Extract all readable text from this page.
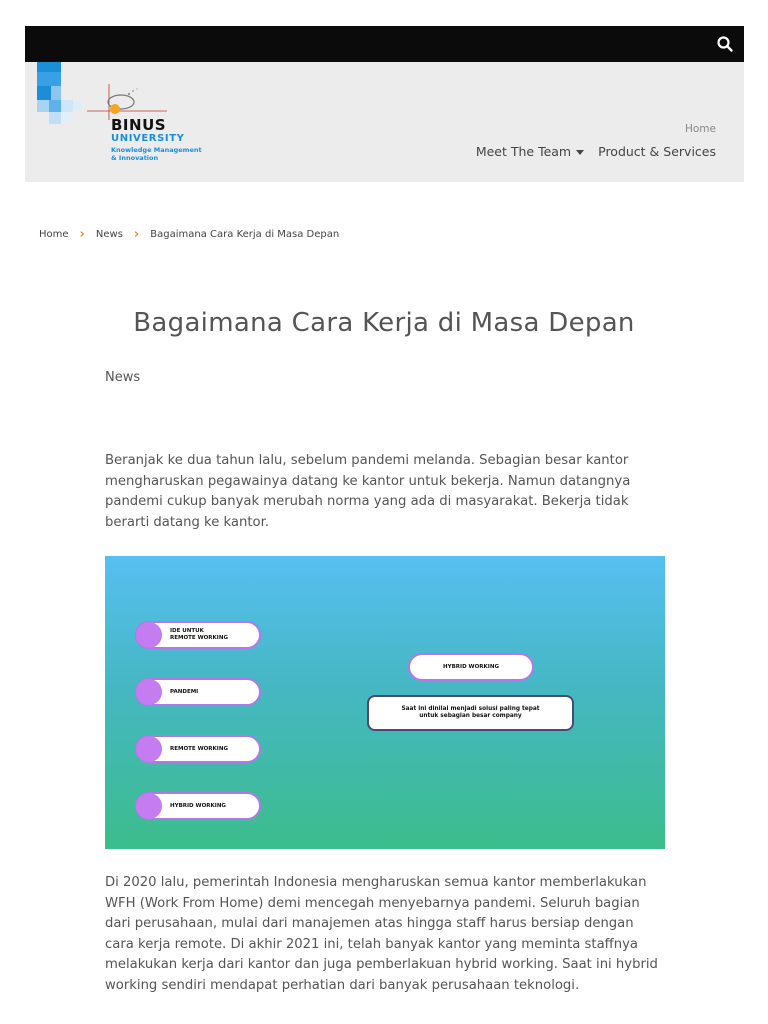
BINUS
UNIVERSITY
Knowledge Management
& Innovation
Home
Meet The Team	Product & Services
Home › News › Bagaimana Cara Kerja di Masa Depan
Bagaimana Cara Kerja di Masa Depan
News

Beranjak ke dua tahun lalu, sebelum pandemi melanda. Sebagian besar kantor mengharuskan pegawainya datang ke kantor untuk bekerja. Namun datangnya pandemi cukup banyak merubah norma yang ada di masyarakat. Bekerja tidak berarti datang ke kantor.

IDE UNTUK
REMOTE WORKING
PANDEMI
REMOTE WORKING
HYBRID WORKING
HYBRID WORKING
Saat ini dinilai menjadi solusi paling tepat
untuk sebagian besar company

Di 2020 lalu, pemerintah Indonesia mengharuskan semua kantor memberlakukan WFH (Work From Home) demi mencegah menyebarnya pandemi. Seluruh bagian dari perusahaan, mulai dari manajemen atas hingga staff harus bersiap dengan cara kerja remote. Di akhir 2021 ini, telah banyak kantor yang meminta staffnya melakukan kerja dari kantor dan juga pemberlakuan hybrid working. Saat ini hybrid working sendiri mendapat perhatian dari banyak perusahaan teknologi.
